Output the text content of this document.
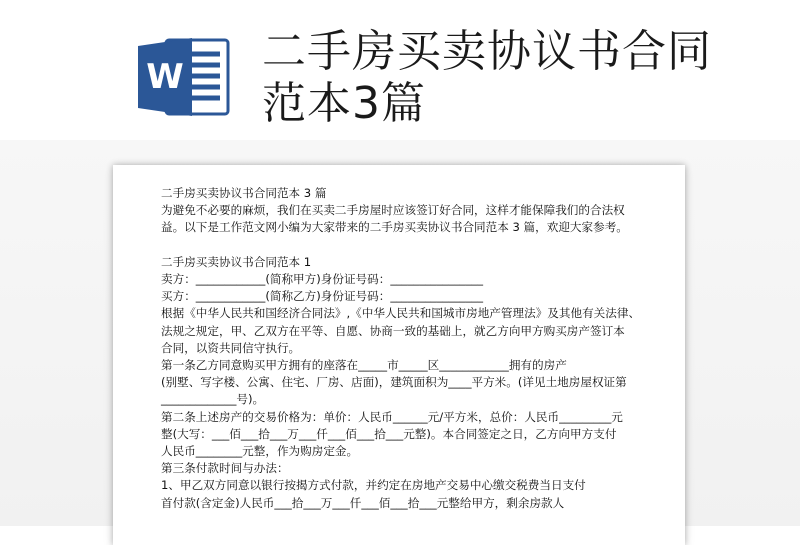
W 二手房买卖协议书合同范本3篇

二手房买卖协议书合同范本 3 篇

为避免不必要的麻烦，我们在买卖二手房屋时应该签订好合同，这样才能保障我们的合法权

益。以下是工作范文网小编为大家带来的二手房买卖协议书合同范本 3 篇，欢迎大家参考。

二手房买卖协议书合同范本 1

卖方：____________(简称甲方)身份证号码：________________

买方：____________(简称乙方)身份证号码：________________

根据《中华人民共和国经济合同法》,《中华人民共和国城市房地产管理法》及其他有关法律、

法规之规定，甲、乙双方在平等、自愿、协商一致的基础上，就乙方向甲方购买房产签订本

合同，以资共同信守执行。

第一条乙方同意购买甲方拥有的座落在_____市_____区____________拥有的房产

(别墅、写字楼、公寓、住宅、厂房、店面)，建筑面积为____平方米。(详见土地房屋权证第

_____________号)。

第二条上述房产的交易价格为：单价：人民币______元/平方米，总价：人民币_________元

整(大写：___佰___拾___万___仟___佰___拾___元整)。本合同签定之日，乙方向甲方支付

人民币________元整，作为购房定金。

第三条付款时间与办法：

1、甲乙双方同意以银行按揭方式付款，并约定在房地产交易中心缴交税费当日支付

首付款(含定金)人民币___拾___万___仟___佰___拾___元整给甲方，剩余房款人
